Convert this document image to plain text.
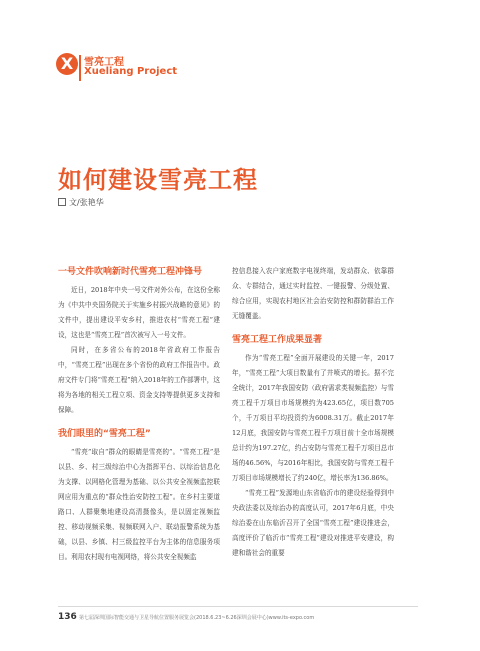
X	雪亮工程
Xueliang Project
如何建设雪亮工程
文/张艳华
一号文件吹响新时代雪亮工程冲锋号

近日，2018年中央一号文件对外公布，在这份全称为《中共中央国务院关于实施乡村振兴战略的意见》的文件中，提出建设平安乡村，推进农村“雪亮工程”建设，这也是“雪亮工程”首次被写入一号文件。

同时，在多省公布的2018年省政府工作报告中，“雪亮工程”出现在多个省份的政府工作报告中。政府文件专门将“雪亮工程”纳入2018年的工作部署中，这将为各地的相关工程立项、资金支持等提供更多支持和保障。

我们眼里的“雪亮工程”

“雪亮”取自“群众的眼睛是雪亮的”。“雪亮工程”是以县、乡、村三级综治中心为指挥平台、以综治信息化为支撑、以网格化管理为基础、以公共安全视频监控联网应用为重点的“群众性治安防控工程”。在乡村主要道路口、人群聚集地建设高清摄像头，是以固定视频监控、移动视频采集、视频联网入户、联动报警系统为基础，以县、乡镇、村三级监控平台为主体的信息服务项目。利用农村现有电视网络，将公共安全视频监

控信息接入农户家庭数字电视终端，发动群众、依靠群众、专群结合，通过实时监控、一键报警、分级处置、综合应用，实现农村地区社会治安防控和群防群治工作无缝覆盖。

雪亮工程工作成果显著

作为“雪亮工程”全面开展建设的关键一年，2017年，“雪亮工程”大项目数量有了井喷式的增长。据不完全统计，2017年我国安防（政府需求类视频监控）与雪亮工程千万项目市场规模约为423.65亿，项目数705个，千万项目平均投资约为6008.31万。截止2017年12月底，我国安防与雪亮工程千万项目前十全市场规模总计约为197.27亿，约占安防与雪亮工程千万项目总市场的46.56%，与2016年相比，我国安防与雪亮工程千万项目市场规模增长了约240亿，增长率为136.86%。

“雪亮工程”发源地山东省临沂市的建设经验得到中央政法委以及综治办的高度认可，2017年6月底，中央综治委在山东临沂召开了全国“雪亮工程”建设推进会，高度评价了临沂市“雪亮工程”建设对推进平安建设，构建和谐社会的重要

136 第七届深圳国际智能交通与卫星导航位置服务展览会(2018.6.23~6.26深圳会展中心)www.its-expo.com
